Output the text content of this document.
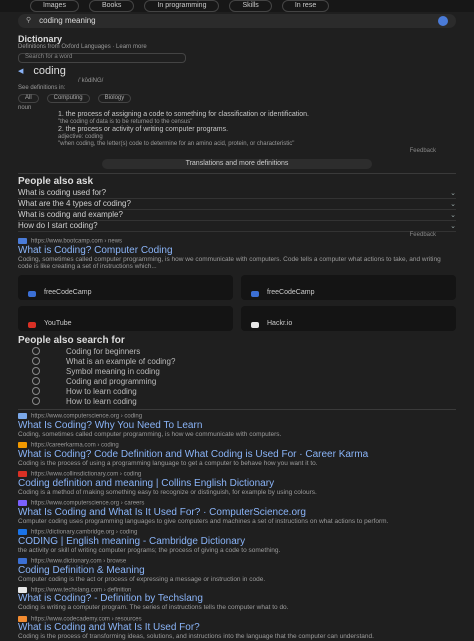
Images	Books	In programming	Skills	In rese
⚲ coding meaning
Dictionary
Definitions from Oxford Languages · Learn more
Search for a word
◀ coding
/ˈkōdiNG/
See definitions in:
All	Computing	Biology
noun
1. the process of assigning a code to something for classification or identification.
"the coding of data is to be returned to the census"
2. the process or activity of writing computer programs.
adjective: coding
"when coding, the letter(s) code to determine for an amino acid, protein, or characteristic"
Feedback
Translations and more definitions
People also ask
What is coding used for?	⌄
What are the 4 types of coding?	⌄
What is coding and example?	⌄
How do I start coding?	⌄
Feedback
https://www.bootcamp.com › news
What is Coding? Computer Coding
Coding, sometimes called computer programming, is how we communicate with computers. Code tells a computer what actions to take, and writing code is like creating a set of instructions which...
freeCodeCamp	freeCodeCamp
YouTube	Hackr.io
People also search for
Coding for beginners
What is an example of coding?
Symbol meaning in coding
Coding and programming
How to learn coding
How to learn coding
https://www.computerscience.org › coding
What Is Coding? Why You Need To Learn
Coding, sometimes called computer programming, is how we communicate with computers.
https://careerkarma.com › coding
What is Coding? Code Definition and What Coding is Used For · Career Karma
Coding is the process of using a programming language to get a computer to behave how you want it to.
https://www.collinsdictionary.com › coding
Coding definition and meaning | Collins English Dictionary
Coding is a method of making something easy to recognize or distinguish, for example by using colours.
https://www.computerscience.org › careers
What Is Coding and What Is It Used For? · ComputerScience.org
Computer coding uses programming languages to give computers and machines a set of instructions on what actions to perform.
https://dictionary.cambridge.org › coding
CODING | English meaning - Cambridge Dictionary
the activity or skill of writing computer programs; the process of giving a code to something.
https://www.dictionary.com › browse
Coding Definition & Meaning
Computer coding is the act or process of expressing a message or instruction in code.
https://www.techslang.com › definition
What is Coding? - Definition by Techslang
Coding is writing a computer program. The series of instructions tells the computer what to do.
https://www.codecademy.com › resources
What is Coding and What Is It Used For?
Coding is the process of transforming ideas, solutions, and instructions into the language that the computer can understand.
